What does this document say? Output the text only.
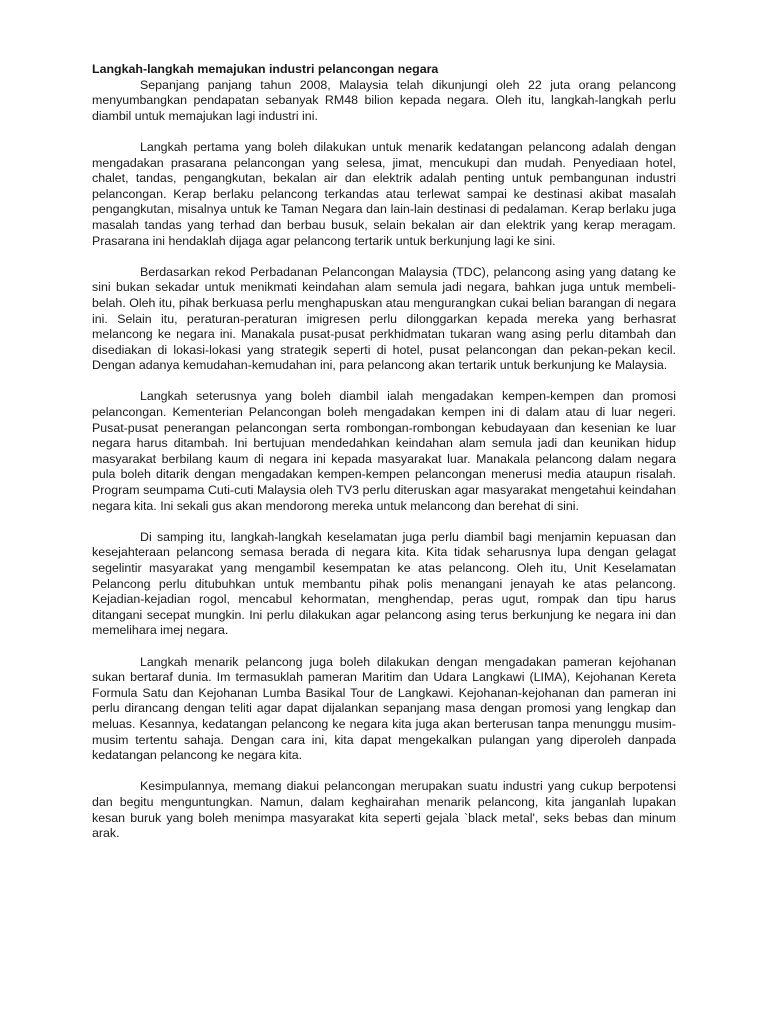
Langkah-langkah memajukan industri pelancongan negara

Sepanjang panjang tahun 2008, Malaysia telah dikunjungi oleh 22 juta orang pelancong menyumbangkan pendapatan sebanyak RM48 bilion kepada negara. Oleh itu, langkah-langkah perlu diambil untuk memajukan lagi industri ini.

Langkah pertama yang boleh dilakukan untuk menarik kedatangan pelancong adalah dengan mengadakan prasarana pelancongan yang selesa, jimat, mencukupi dan mudah. Penyediaan hotel, chalet, tandas, pengangkutan, bekalan air dan elektrik adalah penting untuk pembangunan industri pelancongan. Kerap berlaku pelancong terkandas atau terlewat sampai ke destinasi akibat masalah pengangkutan, misalnya untuk ke Taman Negara dan lain-lain destinasi di pedalaman. Kerap berlaku juga masalah tandas yang terhad dan berbau busuk, selain bekalan air dan elektrik yang kerap meragam. Prasarana ini hendaklah dijaga agar pelancong tertarik untuk berkunjung lagi ke sini.

Berdasarkan rekod Perbadanan Pelancongan Malaysia (TDC), pelancong asing yang datang ke sini bukan sekadar untuk menikmati keindahan alam semula jadi negara, bahkan juga untuk membeli-belah. Oleh itu, pihak berkuasa perlu menghapuskan atau mengurangkan cukai belian barangan di negara ini. Selain itu, peraturan-peraturan imigresen perlu dilonggarkan kepada mereka yang berhasrat melancong ke negara ini. Manakala pusat-pusat perkhidmatan tukaran wang asing perlu ditambah dan disediakan di lokasi-lokasi yang strategik seperti di hotel, pusat pelancongan dan pekan-pekan kecil. Dengan adanya kemudahan-kemudahan ini, para pelancong akan tertarik untuk berkunjung ke Malaysia.

Langkah seterusnya yang boleh diambil ialah mengadakan kempen-kempen dan promosi pelancongan. Kementerian Pelancongan boleh mengadakan kempen ini di dalam atau di luar negeri. Pusat-pusat penerangan pelancongan serta rombongan-rombongan kebudayaan dan kesenian ke luar negara harus ditambah. Ini bertujuan mendedahkan keindahan alam semula jadi dan keunikan hidup masyarakat berbilang kaum di negara ini kepada masyarakat luar. Manakala pelancong dalam negara pula boleh ditarik dengan mengadakan kempen-kempen pelancongan menerusi media ataupun risalah. Program seumpama Cuti-cuti Malaysia oleh TV3 perlu diteruskan agar masyarakat mengetahui keindahan negara kita. Ini sekali gus akan mendorong mereka untuk melancong dan berehat di sini.

Di samping itu, langkah-langkah keselamatan juga perlu diambil bagi menjamin kepuasan dan kesejahteraan pelancong semasa berada di negara kita. Kita tidak seharusnya lupa dengan gelagat segelintir masyarakat yang mengambil kesempatan ke atas pelancong. Oleh itu, Unit Keselamatan Pelancong perlu ditubuhkan untuk membantu pihak polis menangani jenayah ke atas pelancong. Kejadian-kejadian rogol, mencabul kehormatan, menghendap, peras ugut, rompak dan tipu harus ditangani secepat mungkin. Ini perlu dilakukan agar pelancong asing terus berkunjung ke negara ini dan memelihara imej negara.

Langkah menarik pelancong juga boleh dilakukan dengan mengadakan pameran kejohanan sukan bertaraf dunia. Im termasuklah pameran Maritim dan Udara Langkawi (LIMA), Kejohanan Kereta Formula Satu dan Kejohanan Lumba Basikal Tour de Langkawi. Kejohanan-kejohanan dan pameran ini perlu dirancang dengan teliti agar dapat dijalankan sepanjang masa dengan promosi yang lengkap dan meluas. Kesannya, kedatangan pelancong ke negara kita juga akan berterusan tanpa menunggu musim-musim tertentu sahaja. Dengan cara ini, kita dapat mengekalkan pulangan yang diperoleh danpada kedatangan pelancong ke negara kita.

Kesimpulannya, memang diakui pelancongan merupakan suatu industri yang cukup berpotensi dan begitu menguntungkan. Namun, dalam keghairahan menarik pelancong, kita janganlah lupakan kesan buruk yang boleh menimpa masyarakat kita seperti gejala `black metal', seks bebas dan minum arak.
